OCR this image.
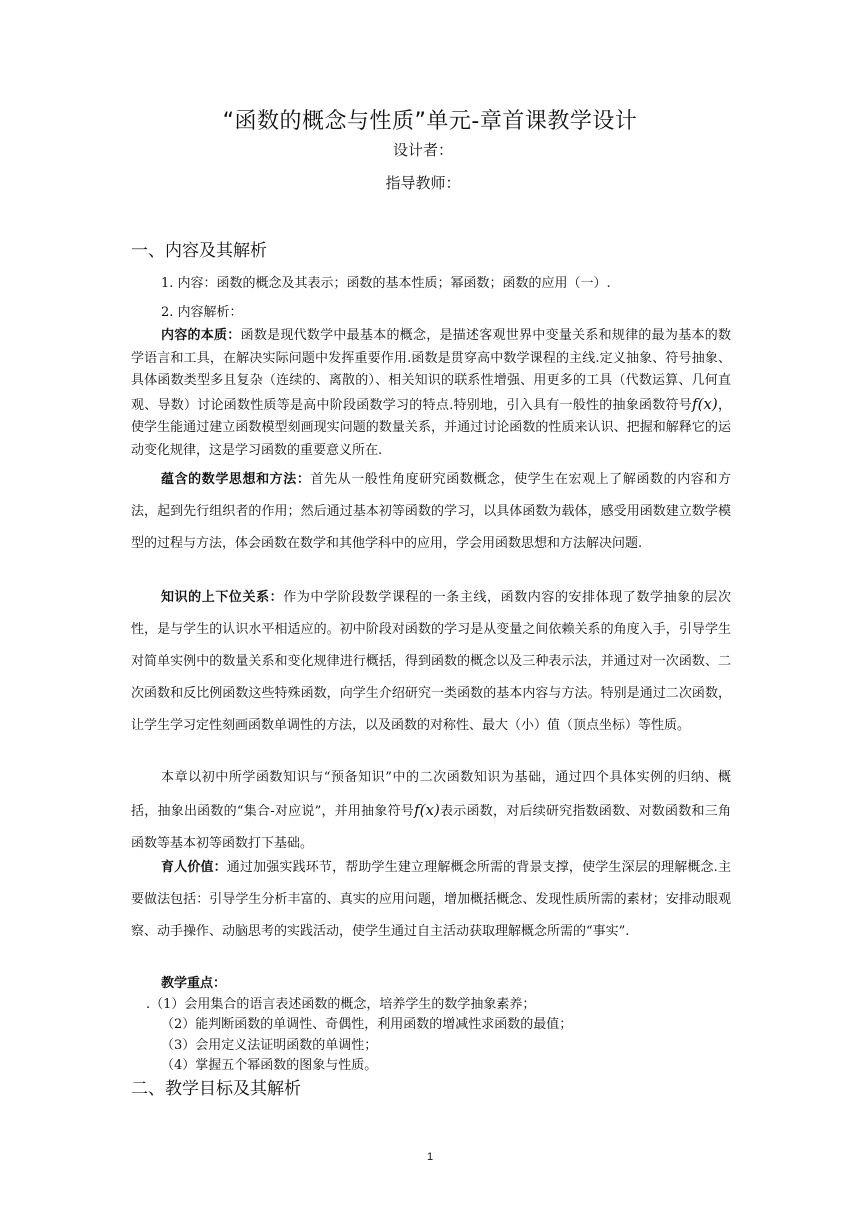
“函数的概念与性质”单元-章首课教学设计
设计者：
指导教师：
一、内容及其解析
1. 内容：函数的概念及其表示；函数的基本性质；幂函数；函数的应用（一）.
2. 内容解析：
内容的本质：函数是现代数学中最基本的概念，是描述客观世界中变量关系和规律的最为基本的数学语言和工具，在解决实际问题中发挥重要作用.函数是贯穿高中数学课程的主线.定义抽象、符号抽象、具体函数类型多且复杂（连续的、离散的）、相关知识的联系性增强、用更多的工具（代数运算、几何直观、导数）讨论函数性质等是高中阶段函数学习的特点.特别地，引入具有一般性的抽象函数符号f(x)，使学生能通过建立函数模型刻画现实问题的数量关系，并通过讨论函数的性质来认识、把握和解释它的运动变化规律，这是学习函数的重要意义所在.
蕴含的数学思想和方法：首先从一般性角度研究函数概念，使学生在宏观上了解函数的内容和方法，起到先行组织者的作用；然后通过基本初等函数的学习，以具体函数为载体，感受用函数建立数学模型的过程与方法，体会函数在数学和其他学科中的应用，学会用函数思想和方法解决问题.
知识的上下位关系：作为中学阶段数学课程的一条主线，函数内容的安排体现了数学抽象的层次性，是与学生的认识水平相适应的。初中阶段对函数的学习是从变量之间依赖关系的角度入手，引导学生对简单实例中的数量关系和变化规律进行概括，得到函数的概念以及三种表示法，并通过对一次函数、二次函数和反比例函数这些特殊函数，向学生介绍研究一类函数的基本内容与方法。特别是通过二次函数，让学生学习定性刻画函数单调性的方法，以及函数的对称性、最大（小）值（顶点坐标）等性质。
本章以初中所学函数知识与“预备知识”中的二次函数知识为基础，通过四个具体实例的归纳、概括，抽象出函数的“集合-对应说”，并用抽象符号f(x)表示函数，对后续研究指数函数、对数函数和三角函数等基本初等函数打下基础。
育人价值：通过加强实践环节，帮助学生建立理解概念所需的背景支撑，使学生深层的理解概念.主要做法包括：引导学生分析丰富的、真实的应用问题，增加概括概念、发现性质所需的素材；安排动眼观察、动手操作、动脑思考的实践活动，使学生通过自主活动获取理解概念所需的“事实”.
教学重点：
.（1）会用集合的语言表述函数的概念，培养学生的数学抽象素养；
（2）能判断函数的单调性、奇偶性，利用函数的增减性求函数的最值；
（3）会用定义法证明函数的单调性；
（4）掌握五个幂函数的图象与性质。
二、教学目标及其解析
1
